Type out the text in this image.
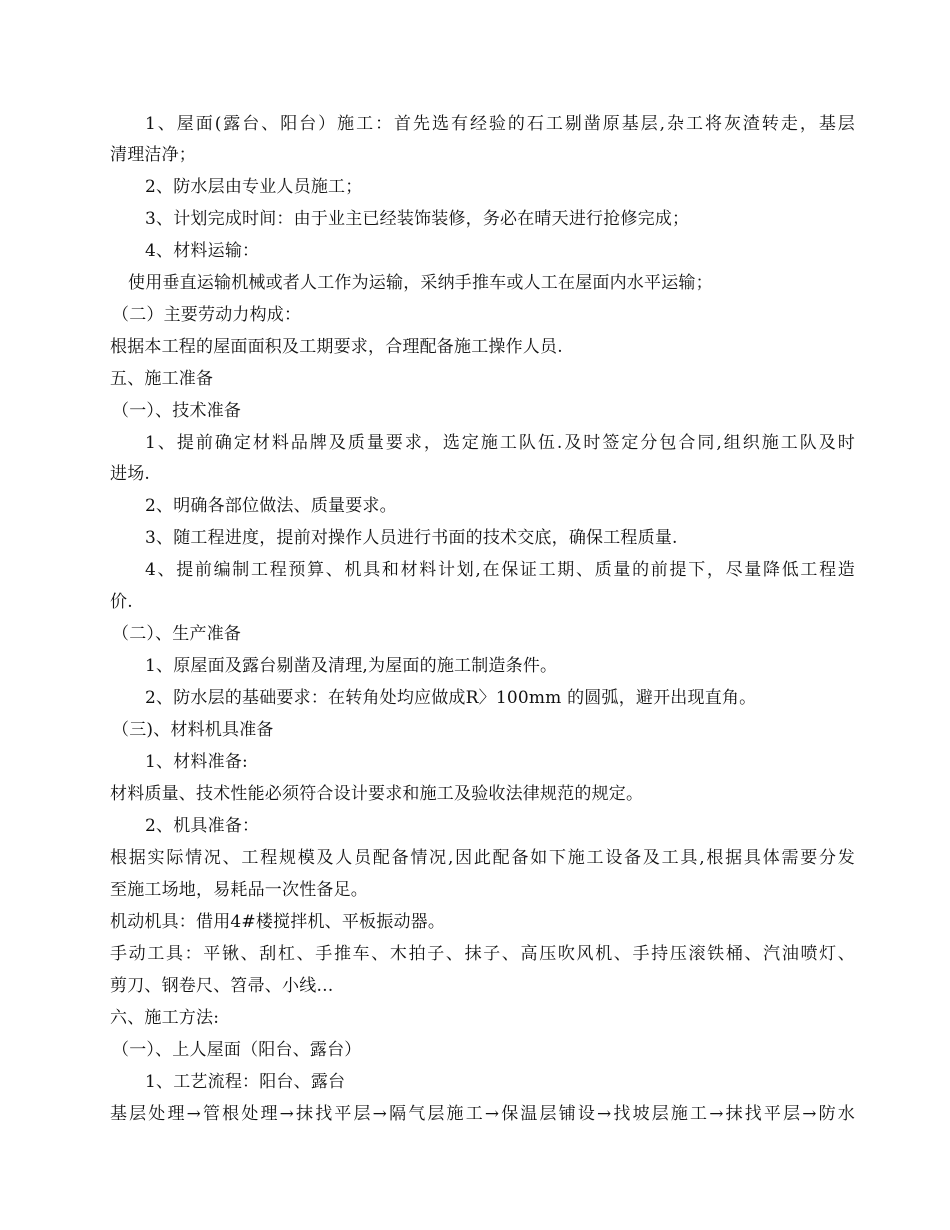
1、屋面(露台、阳台）施工：首先选有经验的石工剔凿原基层,杂工将灰渣转走，基层
清理洁净；
2、防水层由专业人员施工；
3、计划完成时间：由于业主已经装饰装修，务必在晴天进行抢修完成；
4、材料运输：
使用垂直运输机械或者人工作为运输，采纳手推车或人工在屋面内水平运输；
（二）主要劳动力构成：
根据本工程的屋面面积及工期要求，合理配备施工操作人员.
五、施工准备
（一）、技术准备
1、提前确定材料品牌及质量要求，选定施工队伍.及时签定分包合同,组织施工队及时
进场.
2、明确各部位做法、质量要求。
3、随工程进度，提前对操作人员进行书面的技术交底，确保工程质量.
4、提前编制工程预算、机具和材料计划,在保证工期、质量的前提下，尽量降低工程造
价.
（二）、生产准备
1、原屋面及露台剔凿及清理,为屋面的施工制造条件。
2、防水层的基础要求：在转角处均应做成R〉100mm 的圆弧，避开出现直角。
（三)、材料机具准备
1、材料准备:
材料质量、技术性能必须符合设计要求和施工及验收法律规范的规定。
2、机具准备：
根据实际情况、工程规模及人员配备情况,因此配备如下施工设备及工具,根据具体需要分发
至施工场地，易耗品一次性备足。
机动机具：借用4#楼搅拌机、平板振动器。
手动工具：平锹、刮杠、手推车、木拍子、抹子、高压吹风机、手持压滚铁桶、汽油喷灯、
剪刀、钢卷尺、笤帚、小线…
六、施工方法:
（一）、上人屋面（阳台、露台）
1、工艺流程：阳台、露台
基层处理→管根处理→抹找平层→隔气层施工→保温层铺设→找坡层施工→抹找平层→防水
